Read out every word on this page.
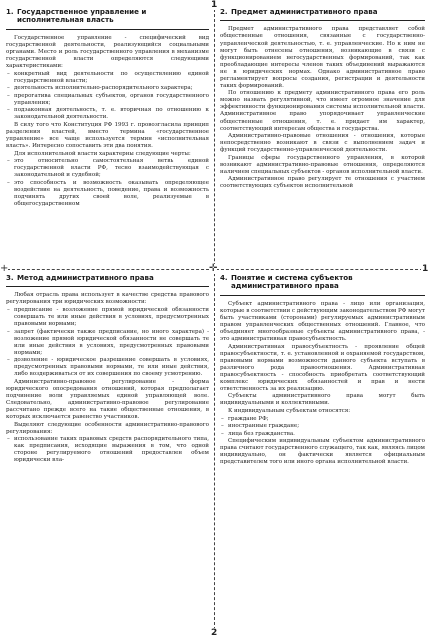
1
1
2
✛
+
1. Государственное управление и исполнительная власть

Государственное управление - специфический вид государственной деятельности, реализующийся социальными органами. Место и роль государственного управления в механизме государственной власти определяются следующими характеристиками:

– конкретный вид деятельности по осуществлению единой государственной власти;
– деятельность исполнительно-распорядительного характера;
– прерогатива специальных субъектов, органов государственного управления;
– подзаконная деятельность, т. е. вторичная по отношению к законодательной деятельности.

В силу того что Конституция РФ 1993 г. провозгласила принцип разделения властей, вместо термина «государственное управление» все чаще используется термин «исполнительная власть». Интересно сопоставить эти два понятия.

Для исполнительной власти характерны следующие черты:

– это относительно самостоятельная ветвь единой государственной власти РФ, тесно взаимодействующая с законодательной и судебной;
– это способность и возможность оказывать определяющее воздействие на деятельность, поведение, права и возможность подчинять других своей воле, реализуемые в общегосударственном
2. Предмет административного права

Предмет административного права представляет собой общественные отношения, связанные с государственно-управленческой деятельностью, т. е. управленческие. Но к ним не могут быть отнесены отношения, возникающие в связи с функционированием негосударственных формирований, так как преобладающие интересы членов таких объединений выражаются не в юридических нормах. Однако административное право регламентирует вопросы создания, регистрации и деятельности таких формирований.

По отношению к предмету административного права его роль можно назвать регулятивной, что имеет огромное значение для эффективности функционирования системы исполнительной власти. Административное право упорядочивает управленческие общественные отношения, т. е. придает им характер, соответствующий интересам общества и государства.

Административно-правовые отношения - отношения, которые непосредственно возникают в связи с выполнением задач и функций государственно-управленческой деятельности.

Границы сферы государственного управления, в которой возникают административно-правовые отношения, определяются наличием специальных субъектов - органов исполнительной власти.

Административное право регулирует те отношения с участием соответствующих субъектов исполнительной

3. Метод административного права

Любая отрасль права использует в качестве средства правового регулирования три юридических возможности:

– предписание - возложение прямой юридической обязанности совершать те или иные действия в условиях, предусмотренных правовыми нормами;
– запрет (фактически также предписание, но иного характера) - возложение прямой юридической обязанности не совершать те или иные действия в условиях, предусмотренных правовыми нормами;
– дозволение - юридическое разрешение совершать в условиях, предусмотренных правовыми нормами, те или иные действия, либо воздерживаться от их совершения по своему усмотрению.

Административно-правовое регулирование - форма юридического опосредования отношений, которая предполагает подчинение воли управляемых единой управляющей воле. Следовательно, административно-правовое регулирование рассчитано прежде всего на такие общественные отношения, в которых исключается равенство участников.

Выделяют следующие особенности административно-правового регулирования:

– использование таких правовых средств распорядительного типа, как предписания, исходящие выражения в том, что одной стороне регулируемого отношений предоставлен объем юридически вла-
4. Понятие и система субъектов административного права

Субъект административного права - лицо или организация, которые в соответствии с действующим законодательством РФ могут быть участниками (сторонами) регулируемых административным правом управленческих общественных отношений. Главное, что объединяет многообразные субъекты административного права, - это административная правосубъектность.

Административная правосубъектность - проявление общей правосубъектности, т. е. установленной и охраняемой государством, правовыми нормами возможности данного субъекта вступать в различного рода правоотношения. Административная правосубъектность - способность приобретать соответствующий комплекс юридических обязанностей и прав и нести ответственность за их реализацию.

Субъекты административного права могут быть индивидуальными и коллективными.

К индивидуальным субъектам относятся:

– граждане РФ;
– иностранные граждане;
– лица без гражданства.

Специфическим индивидуальным субъектом административного права считают государственного служащего, так как, являясь лицом индивидуально, он фактически является официальным представителем того или иного органа исполнительной власти.
